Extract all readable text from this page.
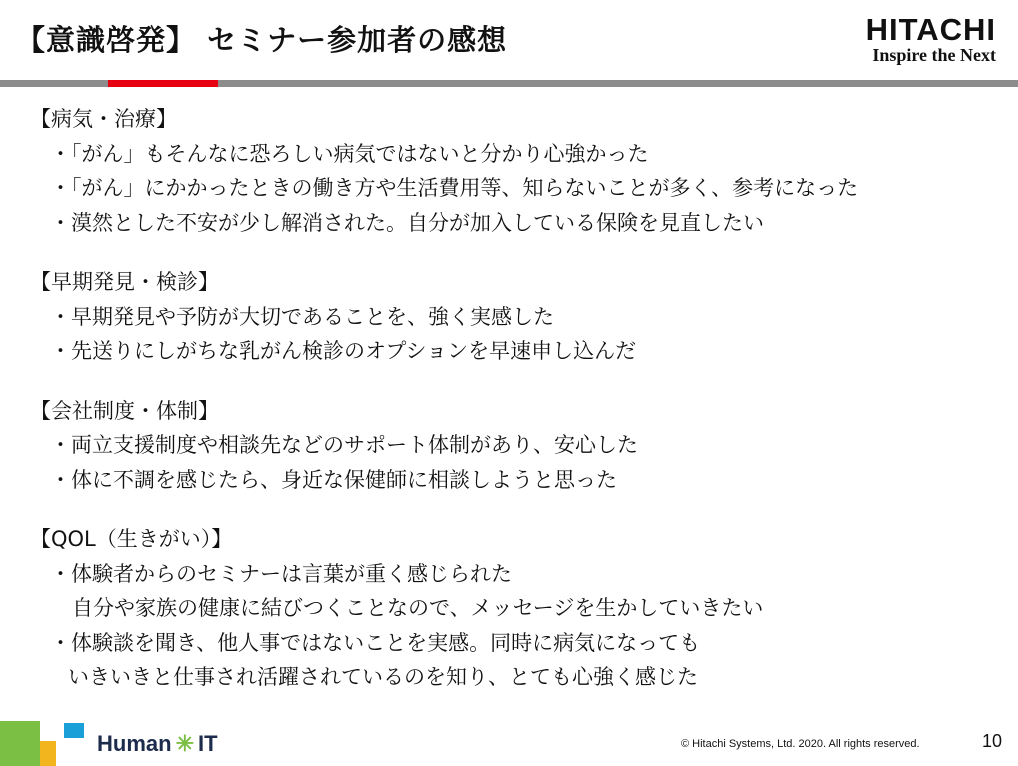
【意識啓発】 セミナー参加者の感想	HITACHI
Inspire the Next
【病気・治療】
・「がん」もそんなに恐ろしい病気ではないと分かり心強かった
・「がん」にかかったときの働き方や生活費用等、知らないことが多く、参考になった
・漠然とした不安が少し解消された。自分が加入している保険を見直したい
【早期発見・検診】
・早期発見や予防が大切であることを、強く実感した
・先送りにしがちな乳がん検診のオプションを早速申し込んだ
【会社制度・体制】
・両立支援制度や相談先などのサポート体制があり、安心した
・体に不調を感じたら、身近な保健師に相談しようと思った
【QOL（生きがい）】
・体験者からのセミナーは言葉が重く感じられた
自分や家族の健康に結びつくことなので、メッセージを生かしていきたい
・体験談を聞き、他人事ではないことを実感。同時に病気になっても
いきいきと仕事され活躍されているのを知り、とても心強く感じた
Human ✳ IT	© Hitachi Systems, Ltd. 2020. All rights reserved.	10
